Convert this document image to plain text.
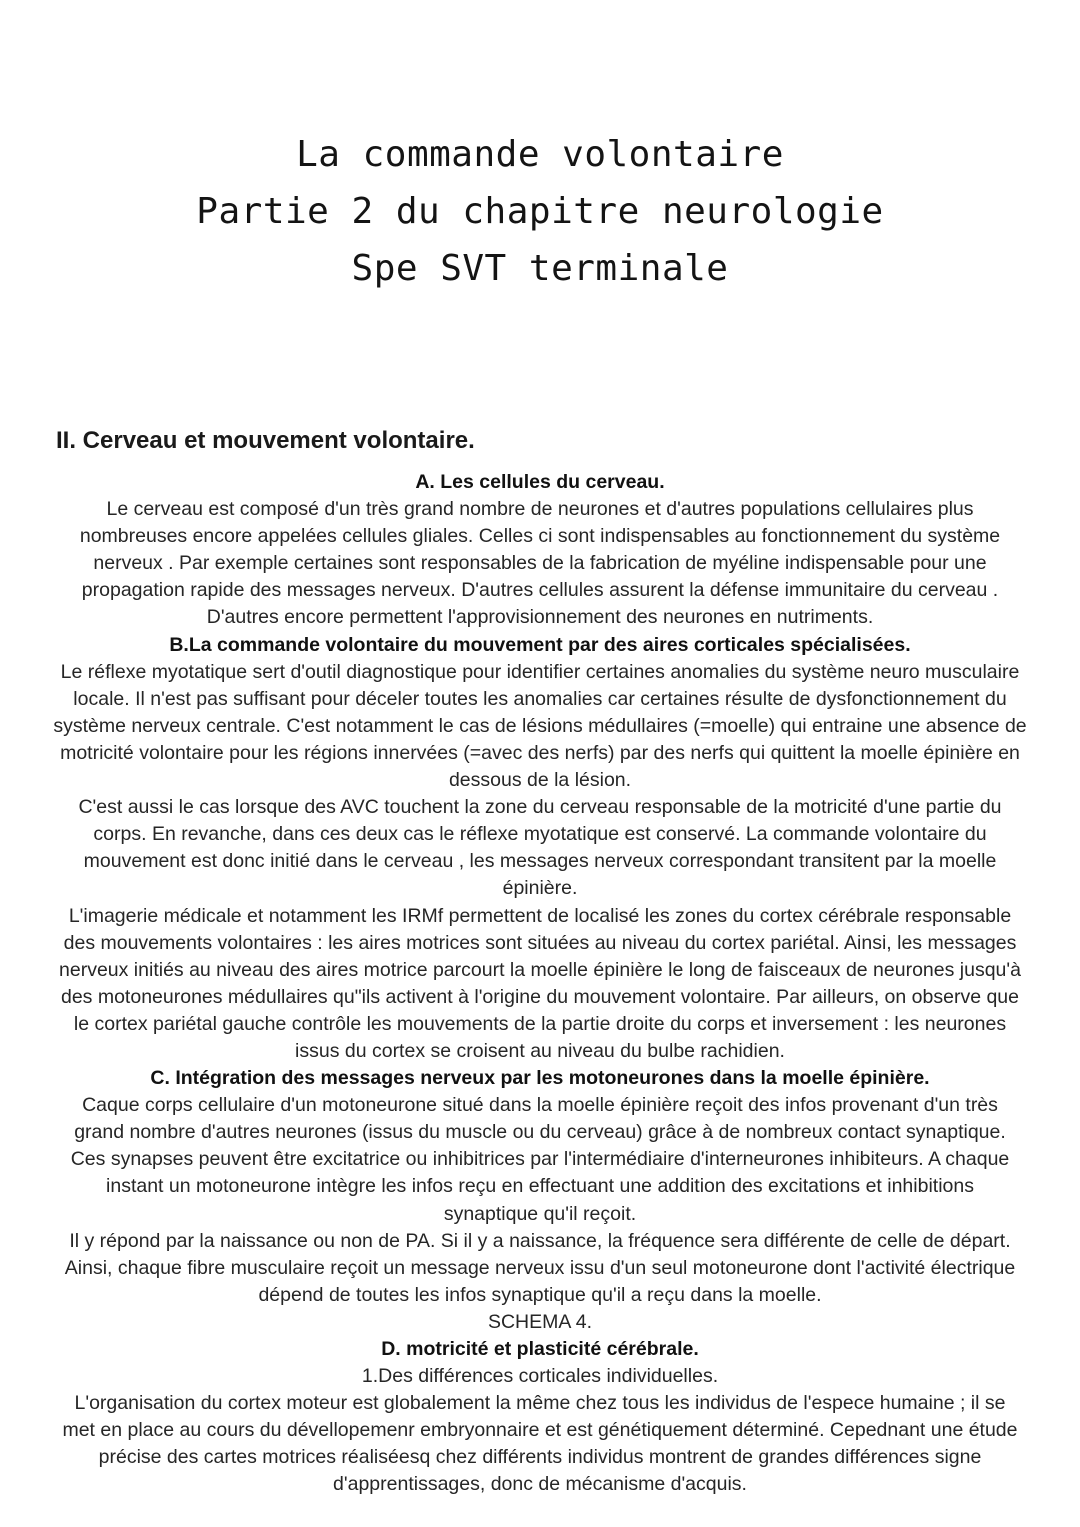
La commande volontaire
Partie 2 du chapitre neurologie
Spe SVT terminale
II. Cerveau et mouvement volontaire.
A. Les cellules du cerveau.
Le cerveau est composé d'un très grand nombre de neurones et d'autres populations cellulaires plus
nombreuses encore appelées cellules gliales. Celles ci sont indispensables au fonctionnement du système
nerveux . Par exemple certaines sont responsables de la fabrication de myéline indispensable pour une
propagation rapide des messages nerveux. D'autres cellules assurent la défense immunitaire du cerveau .
D'autres encore permettent l'approvisionnement des neurones en nutriments.
B.La commande volontaire du mouvement par des aires corticales spécialisées.
Le réflexe myotatique sert d'outil diagnostique pour identifier certaines anomalies du système neuro musculaire
locale. Il n'est pas suffisant pour déceler toutes les anomalies car certaines résulte de dysfonctionnement du
système nerveux centrale. C'est notamment le cas de lésions médullaires (=moelle) qui entraine une absence de
motricité volontaire pour les régions innervées (=avec des nerfs) par des nerfs qui quittent la moelle épinière en
dessous de la lésion.
C'est aussi le cas lorsque des AVC touchent la zone du cerveau responsable de la motricité d'une partie du
corps. En revanche, dans ces deux cas le réflexe myotatique est conservé. La commande volontaire du
mouvement est donc initié dans le cerveau , les messages nerveux correspondant transitent par la moelle
épinière.
L'imagerie médicale et notamment les IRMf permettent de localisé les zones du cortex cérébrale responsable
des mouvements volontaires : les aires motrices sont situées au niveau du cortex pariétal. Ainsi, les messages
nerveux initiés au niveau des aires motrice parcourt la moelle épinière le long de faisceaux de neurones jusqu'à
des motoneurones médullaires qu"ils activent à l'origine du mouvement volontaire. Par ailleurs, on observe que
le cortex pariétal gauche contrôle les mouvements de la partie droite du corps et inversement : les neurones
issus du cortex se croisent au niveau du bulbe rachidien.
C. Intégration des messages nerveux par les motoneurones dans la moelle épinière.
Caque corps cellulaire d'un motoneurone situé dans la moelle épinière reçoit des infos provenant d'un très
grand nombre d'autres neurones (issus du muscle ou du cerveau) grâce à de nombreux contact synaptique.
Ces synapses peuvent être excitatrice ou inhibitrices par l'intermédiaire d'interneurones inhibiteurs. A chaque
instant un motoneurone intègre les infos reçu en effectuant une addition des excitations et inhibitions
synaptique qu'il reçoit.
Il y répond par la naissance ou non de PA. Si il y a naissance, la fréquence sera différente de celle de départ.
Ainsi, chaque fibre musculaire reçoit un message nerveux issu d'un seul motoneurone dont l'activité électrique
dépend de toutes les infos synaptique qu'il a reçu dans la moelle.
SCHEMA 4.
D. motricité et plasticité cérébrale.
1.Des différences corticales individuelles.
L'organisation du cortex moteur est globalement la même chez tous les individus de l'espece humaine ; il se
met en place au cours du dévellopemenr embryonnaire et est génétiquement déterminé. Cepednant une étude
précise des cartes motrices réaliséesq chez différents individus montrent de grandes différences signe
d'apprentissages, donc de mécanisme d'acquis.
